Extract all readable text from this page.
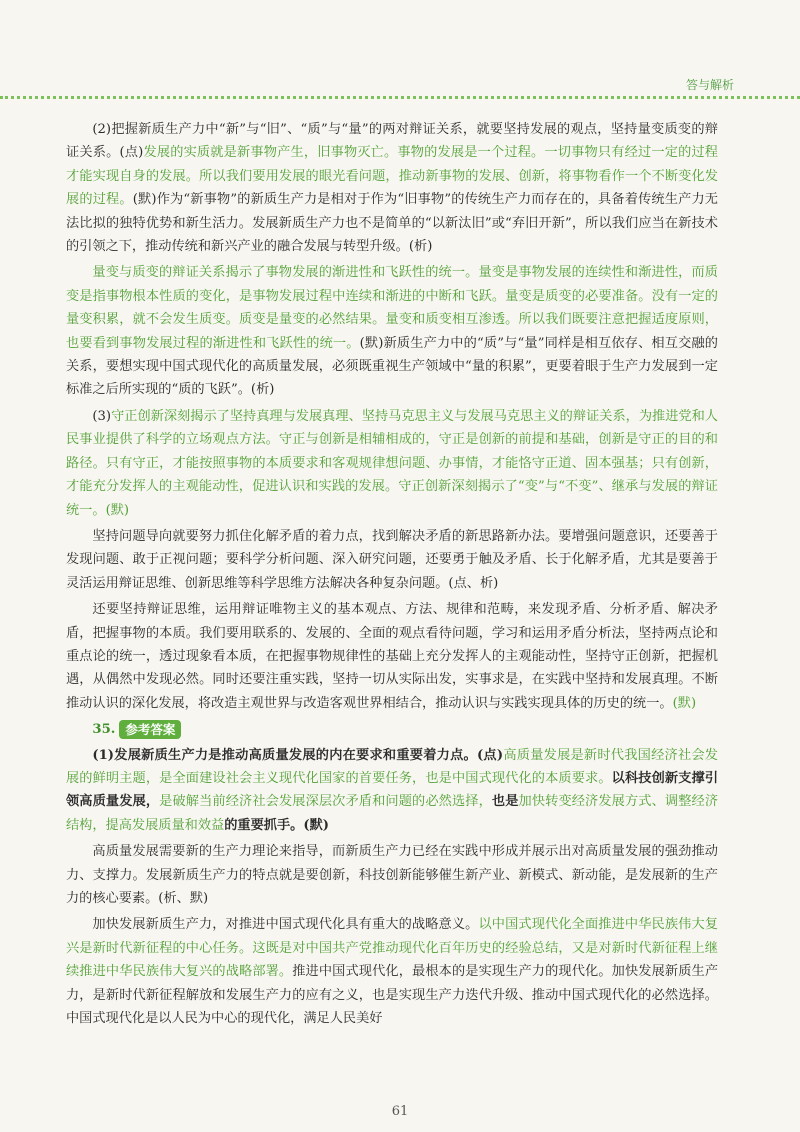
答与解析

(2)把握新质生产力中“新”与“旧”、“质”与“量”的两对辩证关系，就要坚持发展的观点，坚持量变质变的辩证关系。(点)发展的实质就是新事物产生，旧事物灭亡。事物的发展是一个过程。一切事物只有经过一定的过程才能实现自身的发展。所以我们要用发展的眼光看问题，推动新事物的发展、创新，将事物看作一个不断变化发展的过程。(默)作为“新事物”的新质生产力是相对于作为“旧事物”的传统生产力而存在的，具备着传统生产力无法比拟的独特优势和新生活力。发展新质生产力也不是简单的“以新汰旧”或“弃旧开新”，所以我们应当在新技术的引领之下，推动传统和新兴产业的融合发展与转型升级。(析)

量变与质变的辩证关系揭示了事物发展的渐进性和飞跃性的统一。量变是事物发展的连续性和渐进性，而质变是指事物根本性质的变化，是事物发展过程中连续和渐进的中断和飞跃。量变是质变的必要准备。没有一定的量变积累，就不会发生质变。质变是量变的必然结果。量变和质变相互渗透。所以我们既要注意把握适度原则，也要看到事物发展过程的渐进性和飞跃性的统一。(默)新质生产力中的“质”与“量”同样是相互依存、相互交融的关系，要想实现中国式现代化的高质量发展，必须既重视生产领域中“量的积累”，更要着眼于生产力发展到一定标准之后所实现的“质的飞跃”。(析)

(3)守正创新深刻揭示了坚持真理与发展真理、坚持马克思主义与发展马克思主义的辩证关系，为推进党和人民事业提供了科学的立场观点方法。守正与创新是相辅相成的，守正是创新的前提和基础，创新是守正的目的和路径。只有守正，才能按照事物的本质要求和客观规律想问题、办事情，才能恪守正道、固本强基；只有创新，才能充分发挥人的主观能动性，促进认识和实践的发展。守正创新深刻揭示了“变”与“不变”、继承与发展的辩证统一。(默)

坚持问题导向就要努力抓住化解矛盾的着力点，找到解决矛盾的新思路新办法。要增强问题意识，还要善于发现问题、敢于正视问题；要科学分析问题、深入研究问题，还要勇于触及矛盾、长于化解矛盾，尤其是要善于灵活运用辩证思维、创新思维等科学思维方法解决各种复杂问题。(点、析)

还要坚持辩证思维，运用辩证唯物主义的基本观点、方法、规律和范畴，来发现矛盾、分析矛盾、解决矛盾，把握事物的本质。我们要用联系的、发展的、全面的观点看待问题，学习和运用矛盾分析法，坚持两点论和重点论的统一，透过现象看本质，在把握事物规律性的基础上充分发挥人的主观能动性，坚持守正创新，把握机遇，从偶然中发现必然。同时还要注重实践，坚持一切从实际出发，实事求是，在实践中坚持和发展真理。不断推动认识的深化发展，将改造主观世界与改造客观世界相结合，推动认识与实践实现具体的历史的统一。(默)

35. 参考答案

(1)发展新质生产力是推动高质量发展的内在要求和重要着力点。(点)高质量发展是新时代我国经济社会发展的鲜明主题，是全面建设社会主义现代化国家的首要任务，也是中国式现代化的本质要求。以科技创新支撑引领高质量发展，是破解当前经济社会发展深层次矛盾和问题的必然选择，也是加快转变经济发展方式、调整经济结构，提高发展质量和效益的重要抓手。(默)

高质量发展需要新的生产力理论来指导，而新质生产力已经在实践中形成并展示出对高质量发展的强劲推动力、支撑力。发展新质生产力的特点就是要创新，科技创新能够催生新产业、新模式、新动能，是发展新的生产力的核心要素。(析、默)

加快发展新质生产力，对推进中国式现代化具有重大的战略意义。以中国式现代化全面推进中华民族伟大复兴是新时代新征程的中心任务。这既是对中国共产党推动现代化百年历史的经验总结，又是对新时代新征程上继续推进中华民族伟大复兴的战略部署。推进中国式现代化，最根本的是实现生产力的现代化。加快发展新质生产力，是新时代新征程解放和发展生产力的应有之义，也是实现生产力迭代升级、推动中国式现代化的必然选择。中国式现代化是以人民为中心的现代化，满足人民美好

61
